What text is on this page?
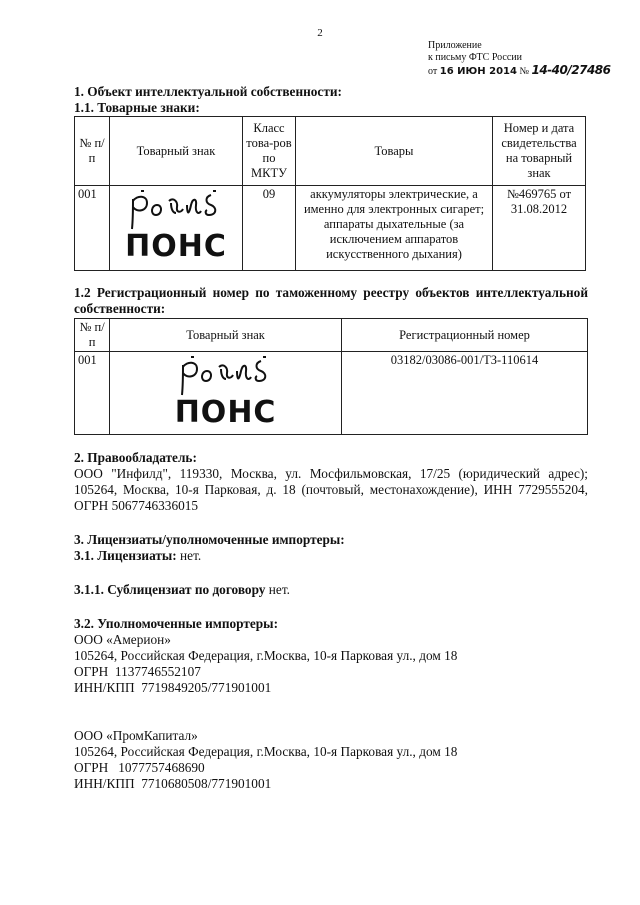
2
Приложение
к письму ФТС России
от 16 ИЮН 2014 № 14-40/27486
1. Объект интеллектуальной собственности:
1.1. Товарные знаки:
№ п/п	Товарный знак	Класс това-ров по МКТУ	Товары	Номер и дата свидетельства на товарный знак
001	ПОНС	09	аккумуляторы электрические, а именно для электронных сигарет; аппараты дыхательные (за исключением аппаратов искусственного дыхания)	№469765 от 31.08.2012
1.2 Регистрационный номер по таможенному реестру объектов интеллектуальной собственности:
№ п/п	Товарный знак	Регистрационный номер
001	ПОНС	03182/03086-001/ТЗ-110614
2. Правообладатель:
ООО "Инфилд", 119330, Москва, ул. Мосфильмовская, 17/25 (юридический адрес); 105264, Москва, 10-я Парковая, д. 18 (почтовый, местонахождение), ИНН 7729555204, ОГРН 5067746336015
3. Лицензиаты/уполномоченные импортеры:
3.1. Лицензиаты: нет.
3.1.1. Сублицензиат по договору нет.
3.2. Уполномоченные импортеры:
ООО «Америон»
105264, Российская Федерация, г.Москва, 10-я Парковая ул., дом 18
ОГРН  1137746552107
ИНН/КПП  7719849205/771901001
ООО «ПромКапитал»
105264, Российская Федерация, г.Москва, 10-я Парковая ул., дом 18
ОГРН   1077757468690
ИНН/КПП  7710680508/771901001
